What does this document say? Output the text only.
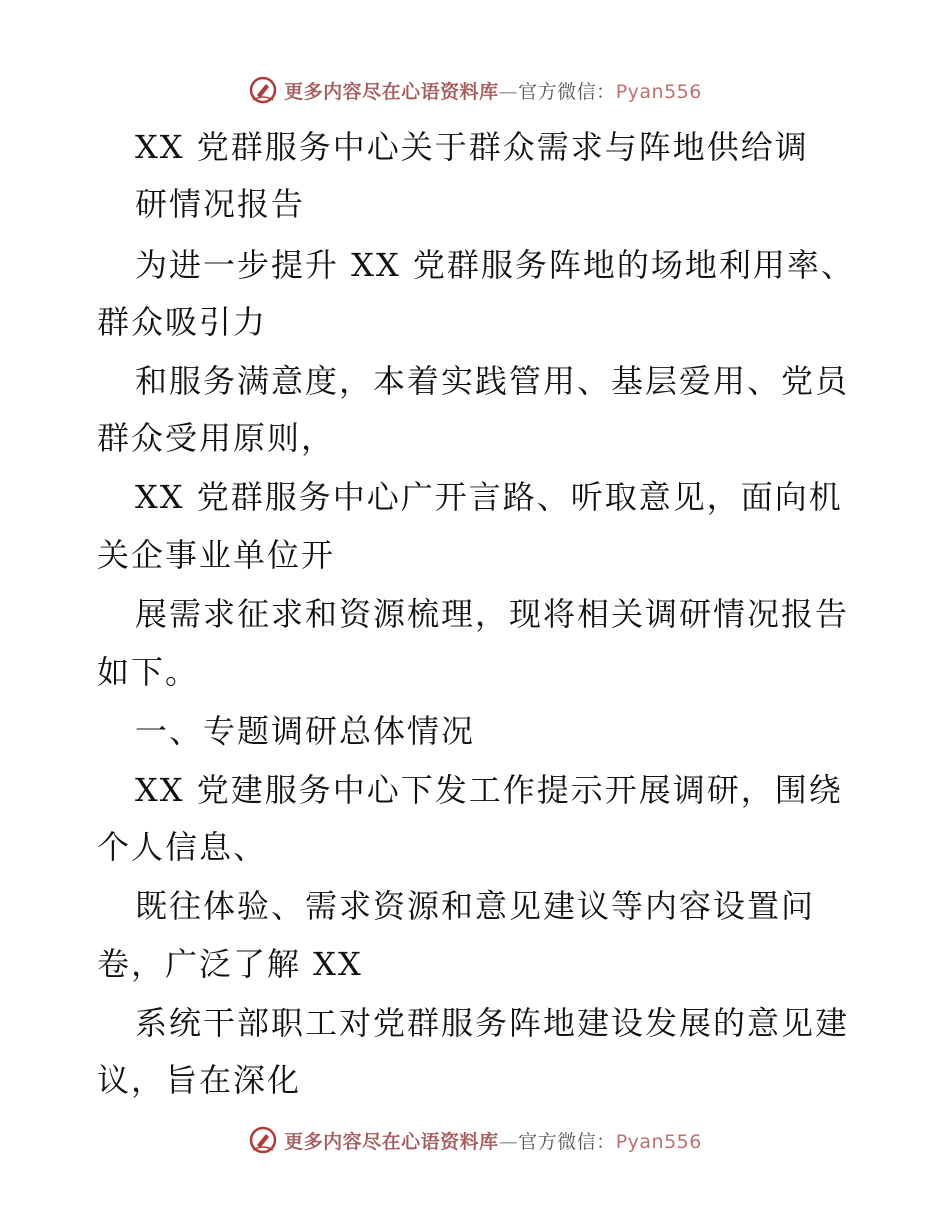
更多内容尽在心语资料库—官方微信：Pyan556
XX 党群服务中心关于群众需求与阵地供给调
研情况报告
为进一步提升 XX 党群服务阵地的场地利用率、
群众吸引力
和服务满意度，本着实践管用、基层爱用、党员
群众受用原则，
XX 党群服务中心广开言路、听取意见，面向机
关企事业单位开
展需求征求和资源梳理，现将相关调研情况报告
如下。
一、专题调研总体情况
XX 党建服务中心下发工作提示开展调研，围绕
个人信息、
既往体验、需求资源和意见建议等内容设置问
卷，广泛了解 XX
系统干部职工对党群服务阵地建设发展的意见建
议，旨在深化
更多内容尽在心语资料库—官方微信：Pyan556
